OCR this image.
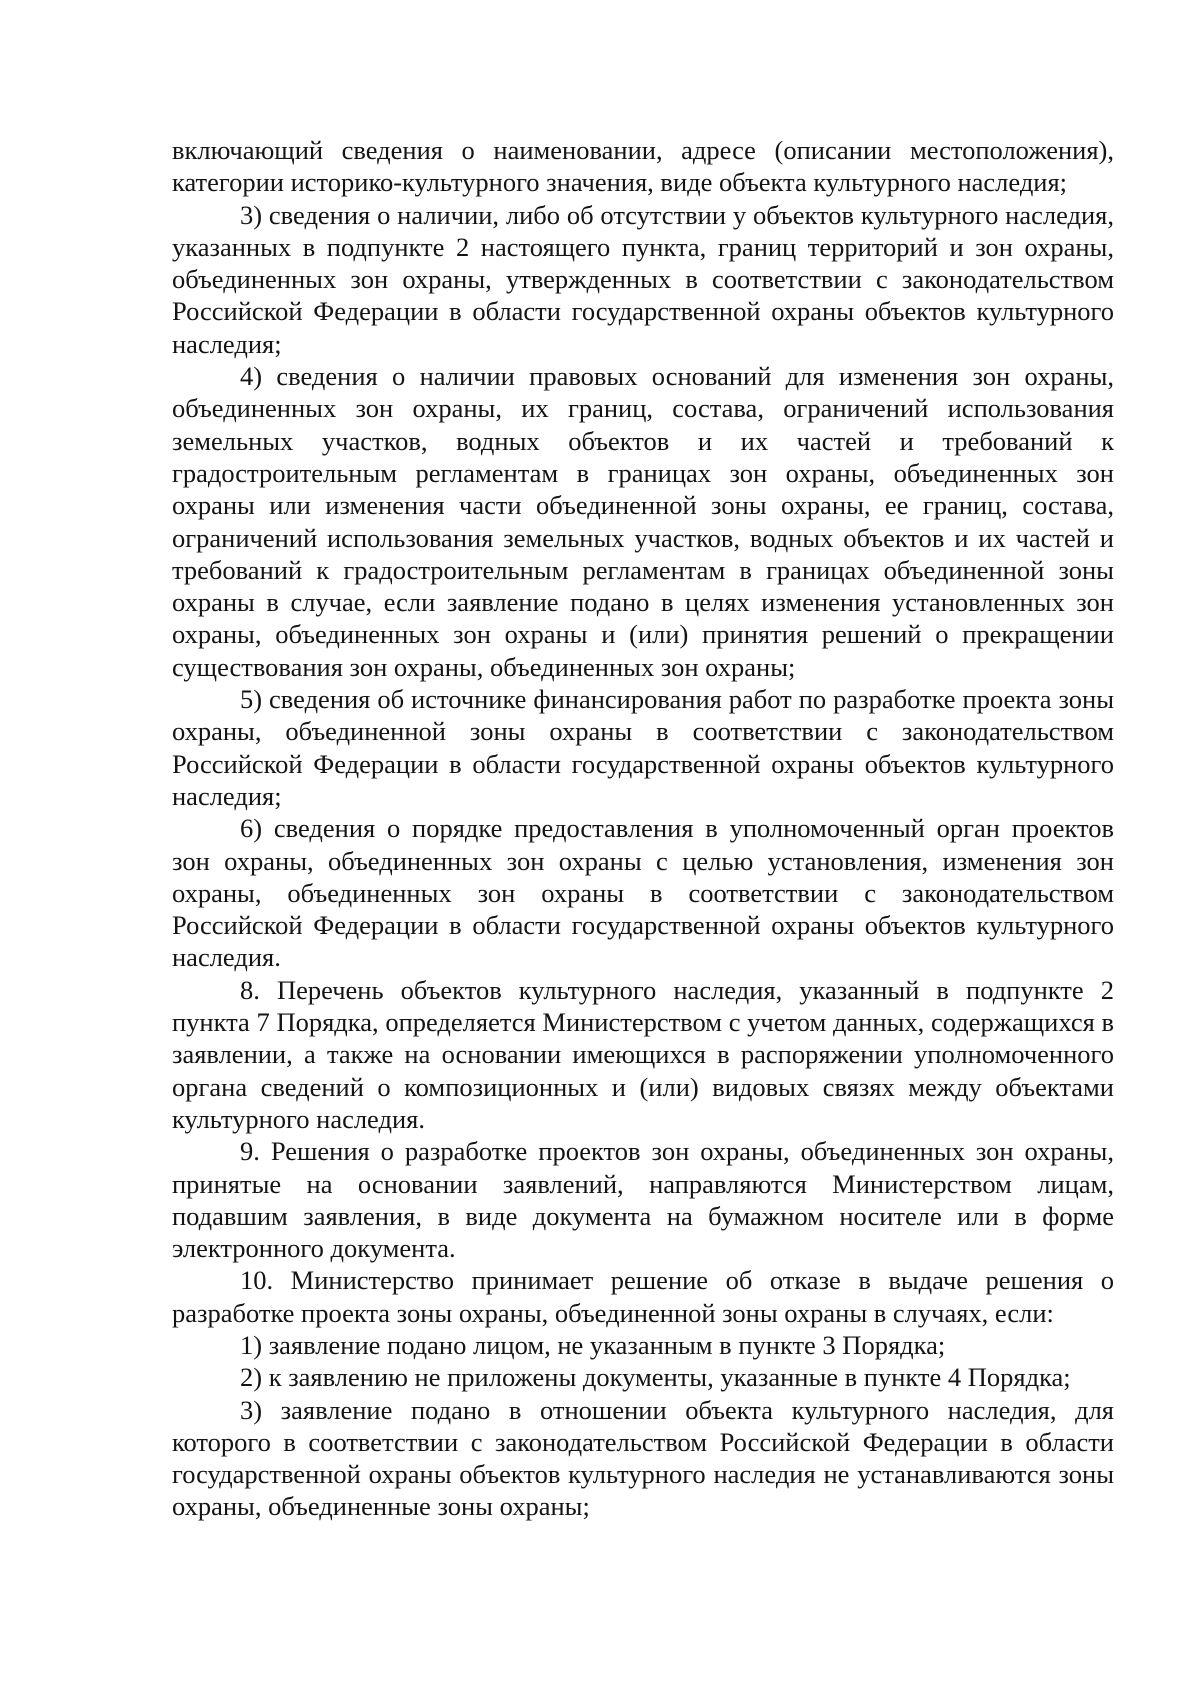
включающий сведения о наименовании, адресе (описании местоположения), категории историко-культурного значения, виде объекта культурного наследия;

3) сведения о наличии, либо об отсутствии у объектов культурного наследия, указанных в подпункте 2 настоящего пункта, границ территорий и зон охраны, объединенных зон охраны, утвержденных в соответствии с законодательством Российской Федерации в области государственной охраны объектов культурного наследия;

4) сведения о наличии правовых оснований для изменения зон охраны, объединенных зон охраны, их границ, состава, ограничений использования земельных участков, водных объектов и их частей и требований к градостроительным регламентам в границах зон охраны, объединенных зон охраны или изменения части объединенной зоны охраны, ее границ, состава, ограничений использования земельных участков, водных объектов и их частей и требований к градостроительным регламентам в границах объединенной зоны охраны в случае, если заявление подано в целях изменения установленных зон охраны, объединенных зон охраны и (или) принятия решений о прекращении существования зон охраны, объединенных зон охраны;

5) сведения об источнике финансирования работ по разработке проекта зоны охраны, объединенной зоны охраны в соответствии с законодательством Российской Федерации в области государственной охраны объектов культурного наследия;

6) сведения о порядке предоставления в уполномоченный орган проектов зон охраны, объединенных зон охраны с целью установления, изменения зон охраны, объединенных зон охраны в соответствии с законодательством Российской Федерации в области государственной охраны объектов культурного наследия.

8. Перечень объектов культурного наследия, указанный в подпункте 2 пункта 7 Порядка, определяется Министерством с учетом данных, содержащихся в заявлении, а также на основании имеющихся в распоряжении уполномоченного органа сведений о композиционных и (или) видовых связях между объектами культурного наследия.

9. Решения о разработке проектов зон охраны, объединенных зон охраны, принятые на основании заявлений, направляются Министерством лицам, подавшим заявления, в виде документа на бумажном носителе или в форме электронного документа.

10. Министерство принимает решение об отказе в выдаче решения о разработке проекта зоны охраны, объединенной зоны охраны в случаях, если:

1) заявление подано лицом, не указанным в пункте 3 Порядка;

2) к заявлению не приложены документы, указанные в пункте 4 Порядка;

3) заявление подано в отношении объекта культурного наследия, для которого в соответствии с законодательством Российской Федерации в области государственной охраны объектов культурного наследия не устанавливаются зоны охраны, объединенные зоны охраны;
